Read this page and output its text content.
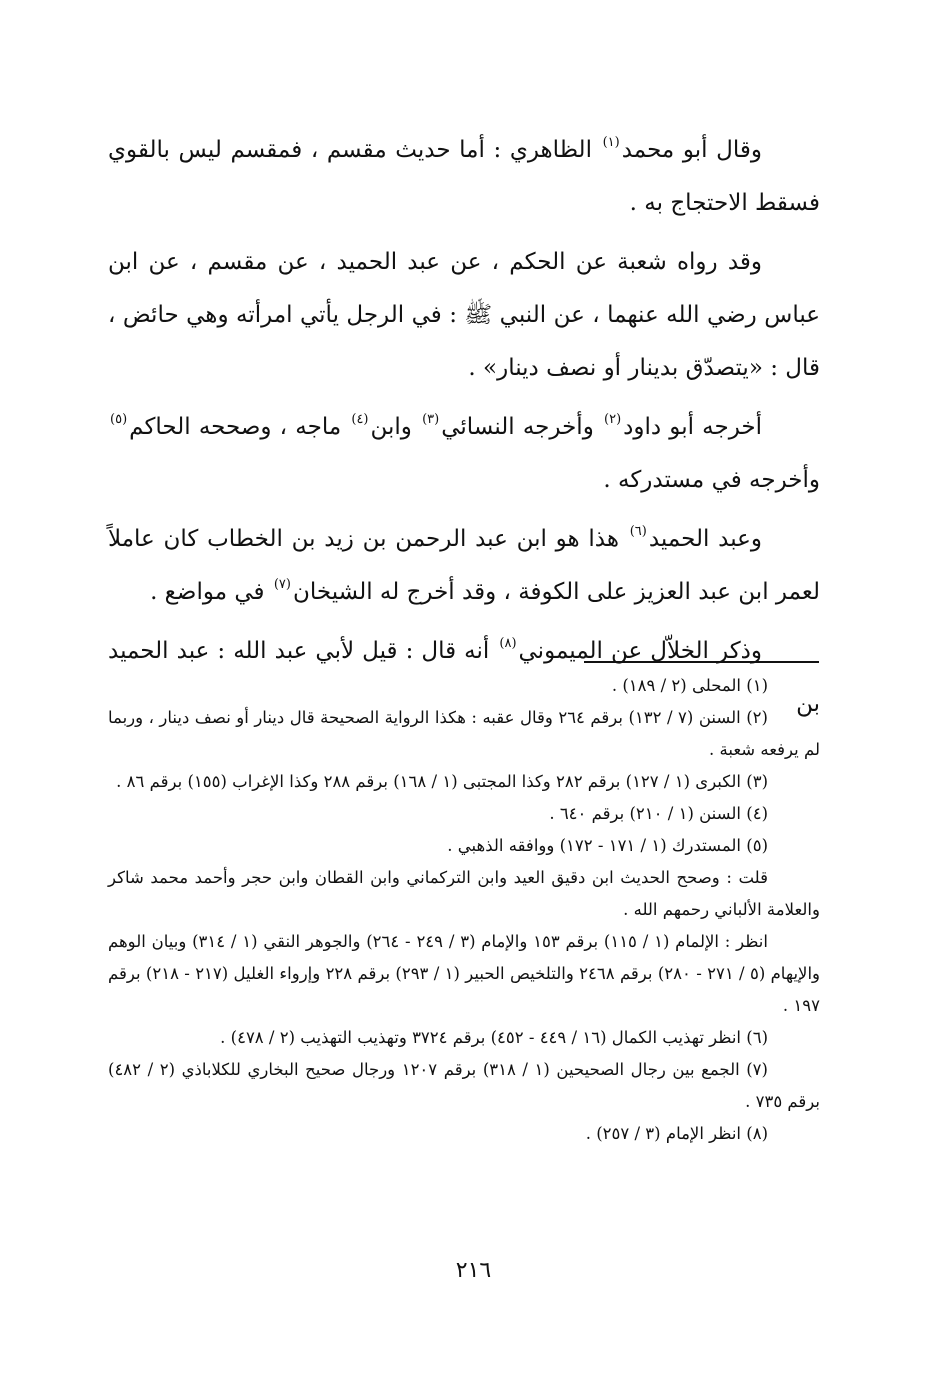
وقال أبو محمد$^{(١)}$ الظاهري : أما حديث مقسم ، فمقسم ليس بالقوي فسقط الاحتجاج به .

وقد رواه شعبة عن الحكم ، عن عبد الحميد ، عن مقسم ، عن ابن عباس رضي الله عنهما ، عن النبي ﷺ : في الرجل يأتي امرأته وهي حائض ، قال : «يتصدّق بدينار أو نصف دينار» .

أخرجه أبو داود$^{(٢)}$ وأخرجه النسائي$^{(٣)}$ وابن$^{(٤)}$ ماجه ، وصححه الحاكم$^{(٥)}$ وأخرجه في مستدركه .

وعبد الحميد$^{(٦)}$ هذا هو ابن عبد الرحمن بن زيد بن الخطاب كان عاملاً لعمر ابن عبد العزيز على الكوفة ، وقد أخرج له الشيخان$^{(٧)}$ في مواضع .

وذكر الخلاّل عن الميموني$^{(٨)}$ أنه قال : قيل لأبي عبد الله : عبد الحميد بن

(١) المحلى (٢ / ١٨٩) .

(٢) السنن (٧ / ١٣٢) برقم ٢٦٤ وقال عقبه : هكذا الرواية الصحيحة قال دينار أو نصف دينار ، وربما لم يرفعه شعبة .

(٣) الكبرى (١ / ١٢٧) برقم ٢٨٢ وكذا المجتبى (١ / ١٦٨) برقم ٢٨٨ وكذا الإغراب (١٥٥) برقم ٨٦ .

(٤) السنن (١ / ٢١٠) برقم ٦٤٠ .

(٥) المستدرك (١ / ١٧١ - ١٧٢) ووافقه الذهبي .

قلت : وصحح الحديث ابن دقيق العيد وابن التركماني وابن القطان وابن حجر وأحمد محمد شاكر والعلامة الألباني رحمهم الله .

انظر : الإلمام (١ / ١١٥) برقم ١٥٣ والإمام (٣ / ٢٤٩ - ٢٦٤) والجوهر النقي (١ / ٣١٤) وبيان الوهم والإيهام (٥ / ٢٧١ - ٢٨٠) برقم ٢٤٦٨ والتلخيص الحبير (١ / ٢٩٣) برقم ٢٢٨ وإرواء الغليل (٢١٧ - ٢١٨) برقم ١٩٧ .

(٦) انظر تهذيب الكمال (١٦ / ٤٤٩ - ٤٥٢) برقم ٣٧٢٤ وتهذيب التهذيب (٢ / ٤٧٨) .

(٧) الجمع بين رجال الصحيحين (١ / ٣١٨) برقم ١٢٠٧ ورجال صحيح البخاري للكلاباذي (٢ / ٤٨٢) برقم ٧٣٥ .

(٨) انظر الإمام (٣ / ٢٥٧) .

٢١٦
